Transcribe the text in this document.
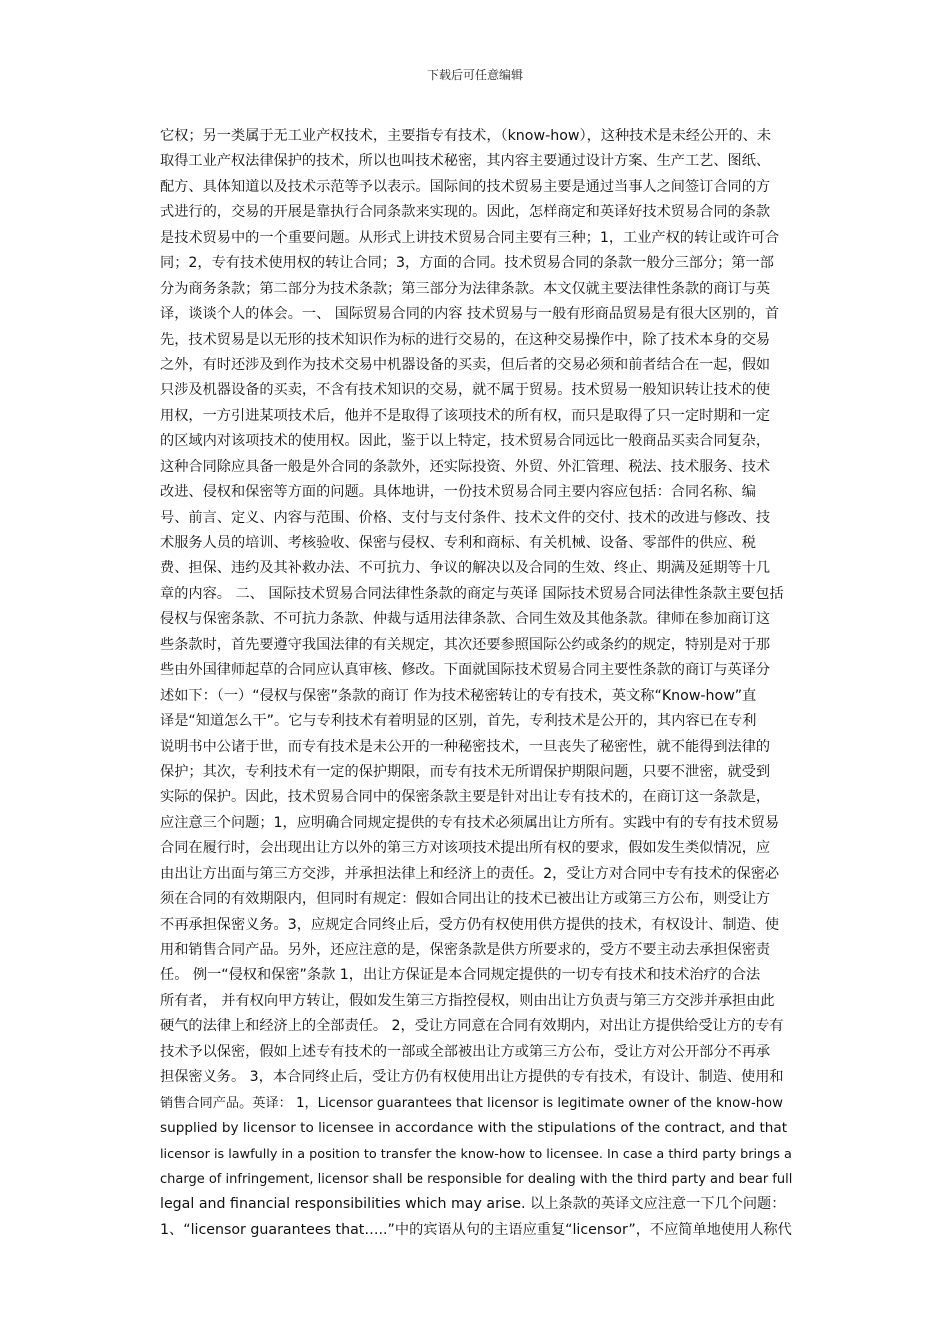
下载后可任意编辑
它权；另一类属于无工业产权技术，主要指专有技术，（know-how），这种技术是未经公开的、未
取得工业产权法律保护的技术，所以也叫技术秘密，其内容主要通过设计方案、生产工艺、图纸、
配方、具体知道以及技术示范等予以表示。国际间的技术贸易主要是通过当事人之间签订合同的方
式进行的，交易的开展是靠执行合同条款来实现的。因此，怎样商定和英译好技术贸易合同的条款
是技术贸易中的一个重要问题。从形式上讲技术贸易合同主要有三种；1，工业产权的转让或许可合
同；2，专有技术使用权的转让合同；3，方面的合同。技术贸易合同的条款一般分三部分；第一部
分为商务条款；第二部分为技术条款；第三部分为法律条款。本文仅就主要法律性条款的商订与英
译，谈谈个人的体会。一、 国际贸易合同的内容 技术贸易与一般有形商品贸易是有很大区别的，首
先，技术贸易是以无形的技术知识作为标的进行交易的，在这种交易操作中，除了技术本身的交易
之外，有时还涉及到作为技术交易中机器设备的买卖，但后者的交易必须和前者结合在一起，假如
只涉及机器设备的买卖，不含有技术知识的交易，就不属于贸易。技术贸易一般知识转让技术的使
用权，一方引进某项技术后，他并不是取得了该项技术的所有权，而只是取得了只一定时期和一定
的区域内对该项技术的使用权。因此，鉴于以上特定，技术贸易合同远比一般商品买卖合同复杂，
这种合同除应具备一般是外合同的条款外，还实际投资、外贸、外汇管理、税法、技术服务、技术
改进、侵权和保密等方面的问题。具体地讲，一份技术贸易合同主要内容应包括：合同名称、编
号、前言、定义、内容与范围、价格、支付与支付条件、技术文件的交付、技术的改进与修改、技
术服务人员的培训、考核验收、保密与侵权、专利和商标、有关机械、设备、零部件的供应、税
费、担保、违约及其补救办法、不可抗力、争议的解决以及合同的生效、终止、期满及延期等十几
章的内容。 二、 国际技术贸易合同法律性条款的商定与英译 国际技术贸易合同法律性条款主要包括
侵权与保密条款、不可抗力条款、仲裁与适用法律条款、合同生效及其他条款。律师在参加商订这
些条款时，首先要遵守我国法律的有关规定，其次还要参照国际公约或条约的规定，特别是对于那
些由外国律师起草的合同应认真审核、修改。下面就国际技术贸易合同主要性条款的商订与英译分
述如下：（一）“侵权与保密”条款的商订 作为技术秘密转让的专有技术，英文称“Know-how”直
译是“知道怎么干”。它与专利技术有着明显的区别，首先，专利技术是公开的，其内容已在专利
说明书中公诸于世，而专有技术是未公开的一种秘密技术，一旦丧失了秘密性，就不能得到法律的
保护；其次，专利技术有一定的保护期限，而专有技术无所谓保护期限问题，只要不泄密，就受到
实际的保护。因此，技术贸易合同中的保密条款主要是针对出让专有技术的，在商订这一条款是，
应注意三个问题；1，应明确合同规定提供的专有技术必须属出让方所有。实践中有的专有技术贸易
合同在履行时，会出现出让方以外的第三方对该项技术提出所有权的要求，假如发生类似情况，应
由出让方出面与第三方交涉，并承担法律上和经济上的责任。2，受让方对合同中专有技术的保密必
须在合同的有效期限内，但同时有规定：假如合同出让的技术已被出让方或第三方公布，则受让方
不再承担保密义务。3，应规定合同终止后，受方仍有权使用供方提供的技术，有权设计、制造、使
用和销售合同产品。另外，还应注意的是，保密条款是供方所要求的，受方不要主动去承担保密责
任。 例一“侵权和保密”条款 1，出让方保证是本合同规定提供的一切专有技术和技术治疗的合法
所有者， 并有权向甲方转让，假如发生第三方指控侵权，则由出让方负责与第三方交涉并承担由此
硬气的法律上和经济上的全部责任。 2，受让方同意在合同有效期内，对出让方提供给受让方的专有
技术予以保密，假如上述专有技术的一部或全部被出让方或第三方公布，受让方对公开部分不再承
担保密义务。 3，本合同终止后，受让方仍有权使用出让方提供的专有技术，有设计、制造、使用和
销售合同产品。英译： 1，Licensor guarantees that licensor is legitimate owner of the know-how
supplied by licensor to licensee in accordance with the stipulations of the contract, and that
licensor is lawfully in a position to transfer the know-how to licensee. In case a third party brings a
charge of infringement, licensor shall be responsible for dealing with the third party and bear full
legal and financial responsibilities which may arise. 以上条款的英译文应注意一下几个问题：
1、“licensor guarantees that…..”中的宾语从句的主语应重复“licensor”，不应简单地使用人称代
